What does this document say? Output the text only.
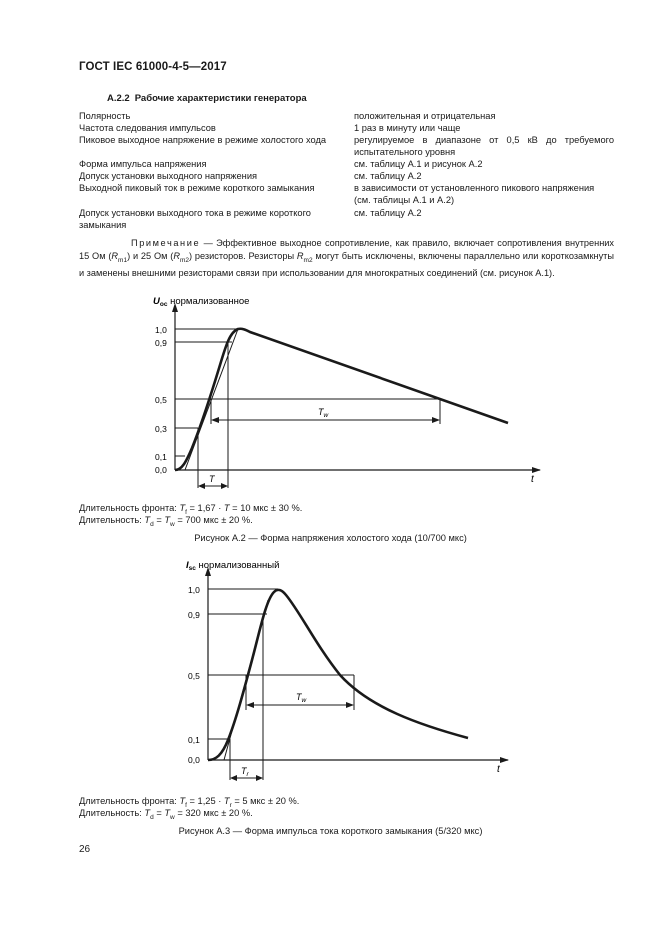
ГОСТ IEC 61000-4-5—2017
A.2.2 Рабочие характеристики генератора
Полярность	положительная и отрицательная
Частота следования импульсов	1 раз в минуту или чаще
Пиковое выходное напряжение в режиме холостого хода	регулируемое в диапазоне от 0,5 кВ до требуемого
испытательного уровня
Форма импульса напряжения	см. таблицу А.1 и рисунок А.2
Допуск установки выходного напряжения	см. таблицу А.2
Выходной пиковый ток в режиме короткого замыкания	в зависимости от установленного пикового напряжения
(см. таблицы А.1 и А.2)
Допуск установки выходного тока в режиме короткого	см. таблицу А.2
замыкания
Примечание — Эффективное выходное сопротивление, как правило, включает сопротивления внутренних 15 Ом $(R_{m1})$ и 25 Ом $(R_{m2})$ резисторов. Резисторы $R_{m2}$ могут быть исключены, включены параллельно или короткозамкнуты и заменены внешними резисторами связи при использовании для многократных соединений (см. рисунок А.1).
$U_{oc}$ нормализованное
t
1,0
0,9
0,5
0,3
0,1
0,0
$T_w$
T
Длительность фронта: $T_f = 1,67 \cdot T = 10$ мкс ± 30 %.
Длительность: $T_d = T_w = 700$ мкс ± 20 %.
Рисунок А.2 — Форма напряжения холостого хода (10/700 мкс)
$I_{sc}$ нормализованный
t
1,0
0,9
0,5
0,1
0,0
$T_w$
$T_r$
Длительность фронта: $T_f = 1,25 \cdot T_r = 5$ мкс ± 20 %.
Длительность: $T_d = T_w = 320$ мкс ± 20 %.
Рисунок А.3 — Форма импульса тока короткого замыкания (5/320 мкс)
26
